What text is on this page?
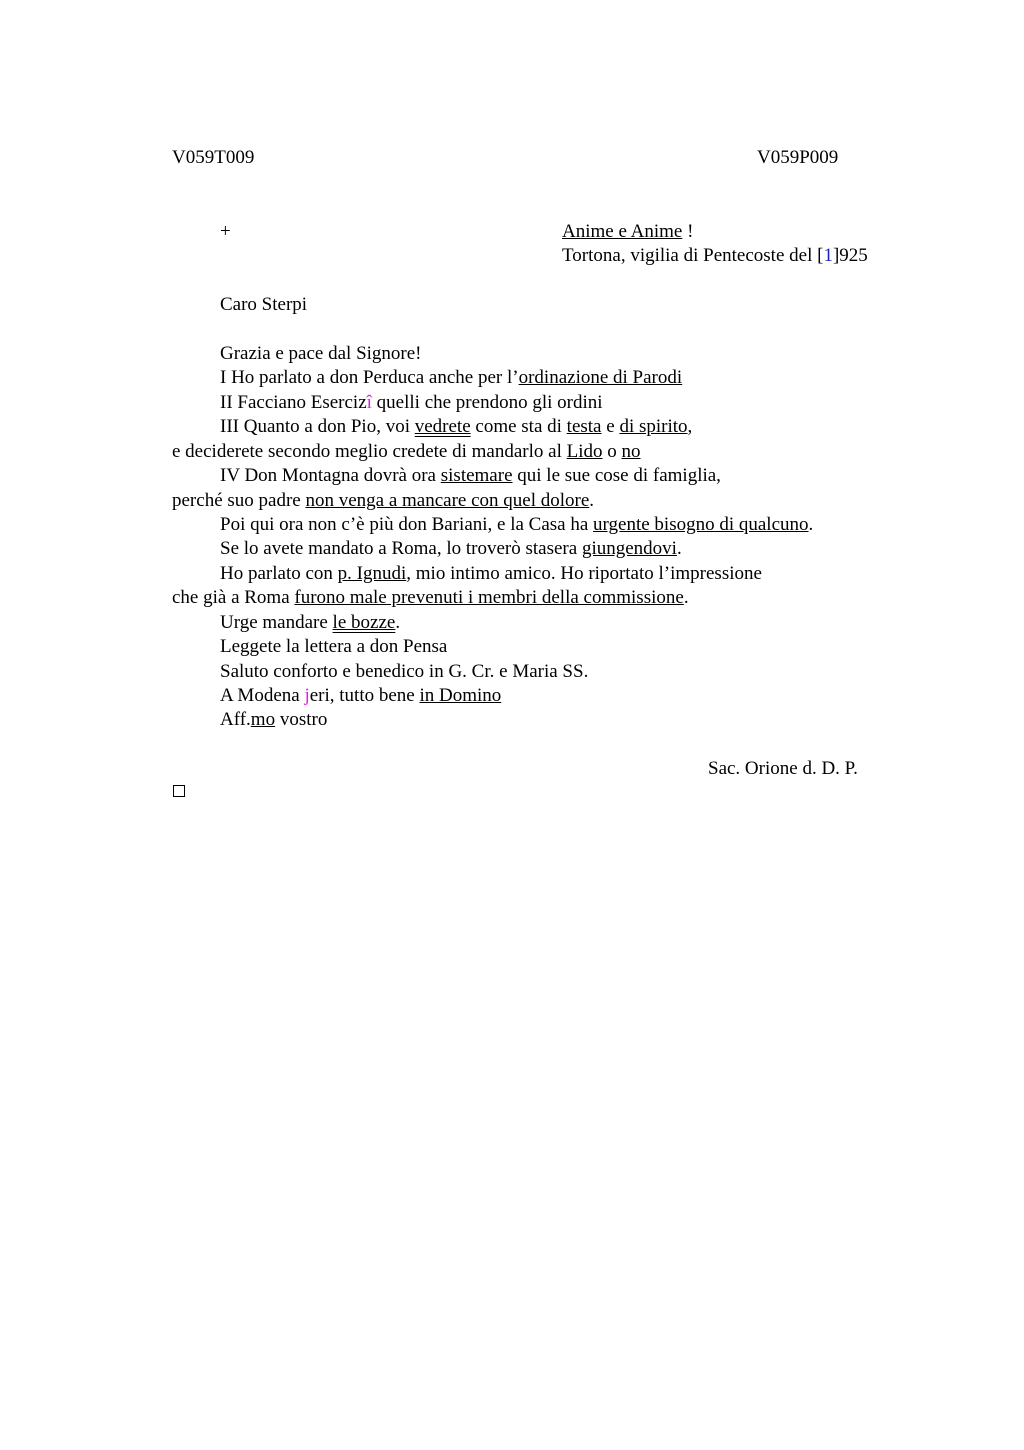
V059T009	V059P009
+	Anime e Anime !
Tortona, vigilia di Pentecoste del [1]925
Caro Sterpi
Grazia e pace dal Signore!
I Ho parlato a don Perduca anche per l’ordinazione di Parodi
II Facciano Esercizî quelli che prendono gli ordini
III Quanto a don Pio, voi vedrete come sta di testa e di spirito,
e deciderete secondo meglio credete di mandarlo al Lido o no
IV Don Montagna dovrà ora sistemare qui le sue cose di famiglia,
perché suo padre non venga a mancare con quel dolore.
Poi qui ora non c’è più don Bariani, e la Casa ha urgente bisogno di qualcuno.
Se lo avete mandato a Roma, lo troverò stasera giungendovi.
Ho parlato con p. Ignudi, mio intimo amico. Ho riportato l’impressione
che già a Roma furono male prevenuti i membri della commissione.
Urge mandare le bozze.
Leggete la lettera a don Pensa
Saluto conforto e benedico in G. Cr. e Maria SS.
A Modena jeri, tutto bene in Domino
Aff.mo vostro
Sac. Orione d. D. P.
